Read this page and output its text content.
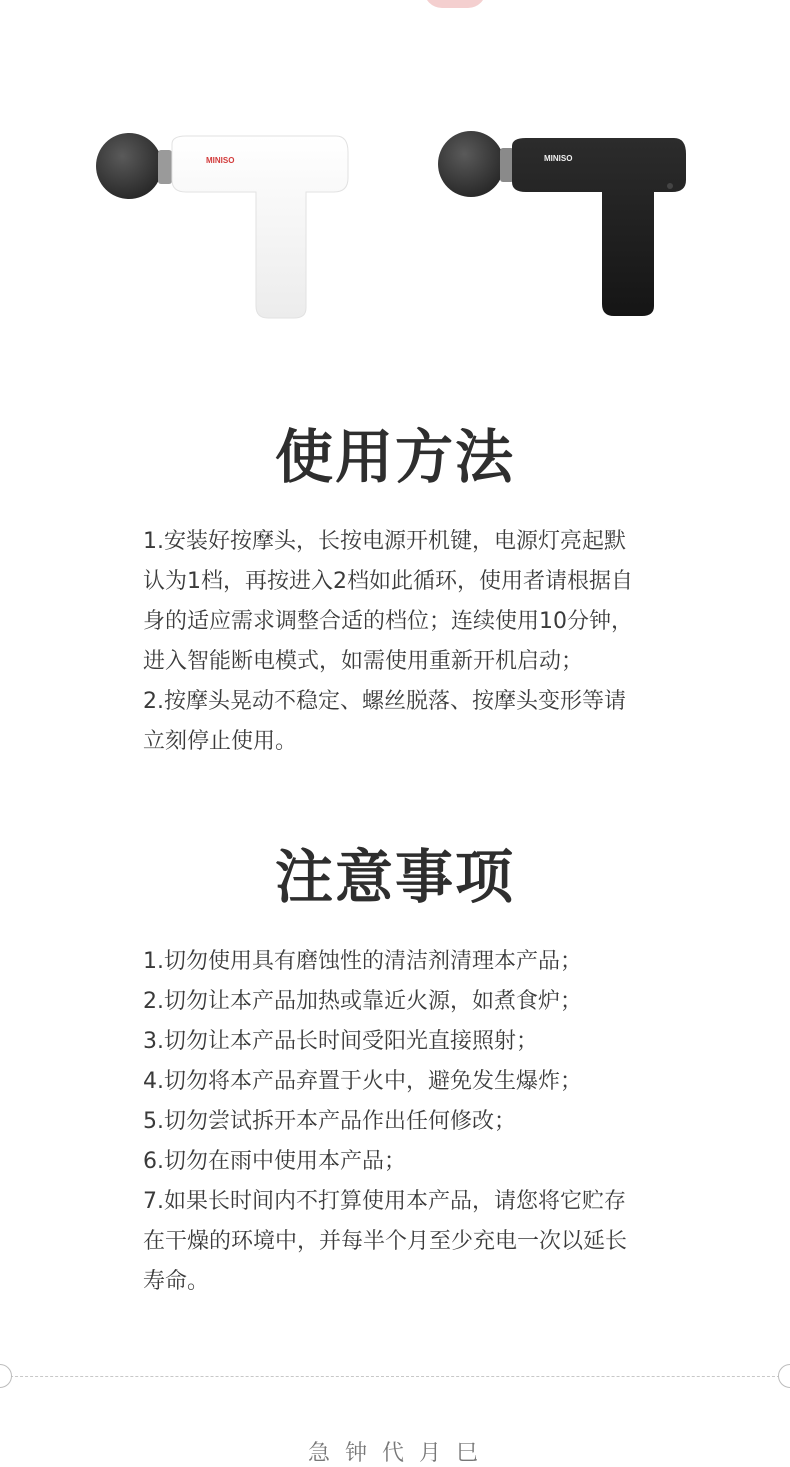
MINISO	MINISO
使用方法

1.安装好按摩头，长按电源开机键，电源灯亮起默

认为1档，再按进入2档如此循环，使用者请根据自

身的适应需求调整合适的档位；连续使用10分钟，

进入智能断电模式，如需使用重新开机启动；

2.按摩头晃动不稳定、螺丝脱落、按摩头变形等请

立刻停止使用。

注意事项

1.切勿使用具有磨蚀性的清洁剂清理本产品；

2.切勿让本产品加热或靠近火源，如煮食炉；

3.切勿让本产品长时间受阳光直接照射；

4.切勿将本产品弃置于火中，避免发生爆炸；

5.切勿尝试拆开本产品作出任何修改；

6.切勿在雨中使用本产品；

7.如果长时间内不打算使用本产品，请您将它贮存

在干燥的环境中，并每半个月至少充电一次以延长

寿命。

急 钟 代 月 巳
